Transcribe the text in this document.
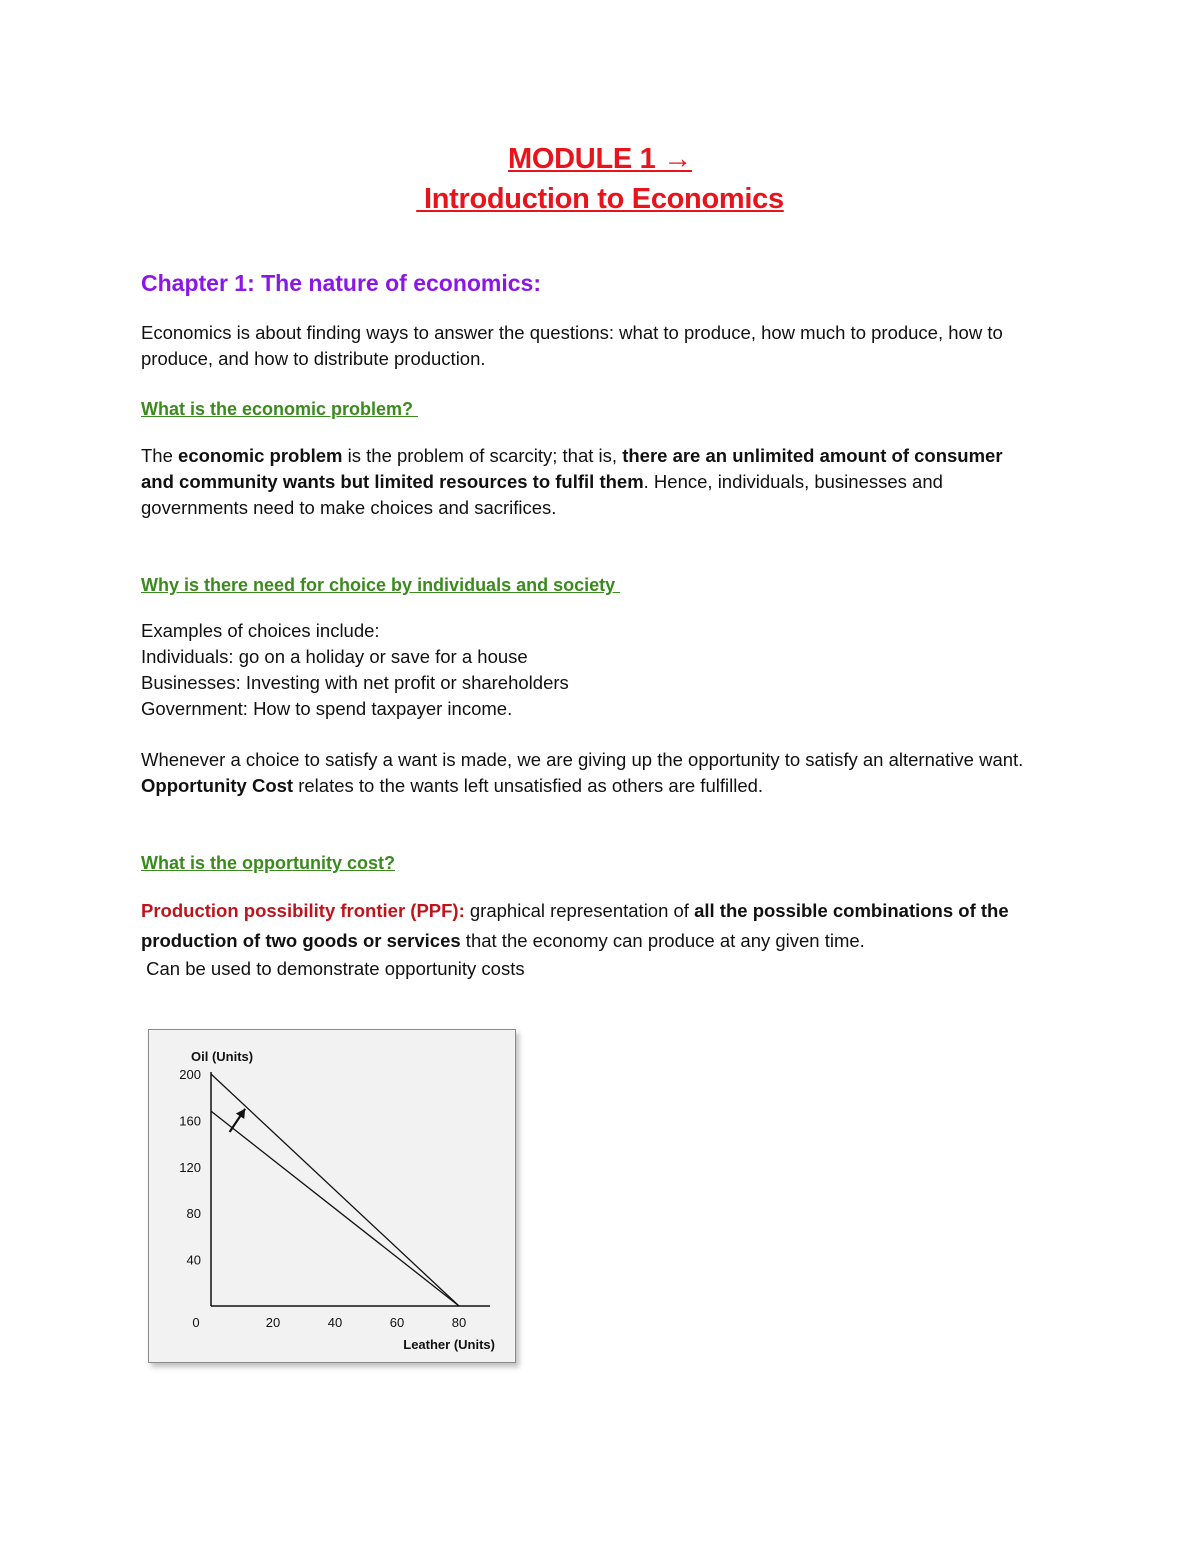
MODULE 1 →
Introduction to Economics
Chapter 1: The nature of economics:
Economics is about finding ways to answer the questions: what to produce, how much to produce, how to produce, and how to distribute production.
What is the economic problem?
The economic problem is the problem of scarcity; that is, there are an unlimited amount of consumer and community wants but limited resources to fulfil them. Hence, individuals, businesses and governments need to make choices and sacrifices.
Why is there need for choice by individuals and society
Examples of choices include:
Individuals: go on a holiday or save for a house
Businesses: Investing with net profit or shareholders
Government: How to spend taxpayer income.
Whenever a choice to satisfy a want is made, we are giving up the opportunity to satisfy an alternative want. Opportunity Cost relates to the wants left unsatisfied as others are fulfilled.
What is the opportunity cost?
Production possibility frontier (PPF): graphical representation of all the possible combinations of the production of two goods or services that the economy can produce at any given time.
Can be used to demonstrate opportunity costs
Oil (Units)
Leather (Units)
40
80
120
160
200
0	20	40	60	80
